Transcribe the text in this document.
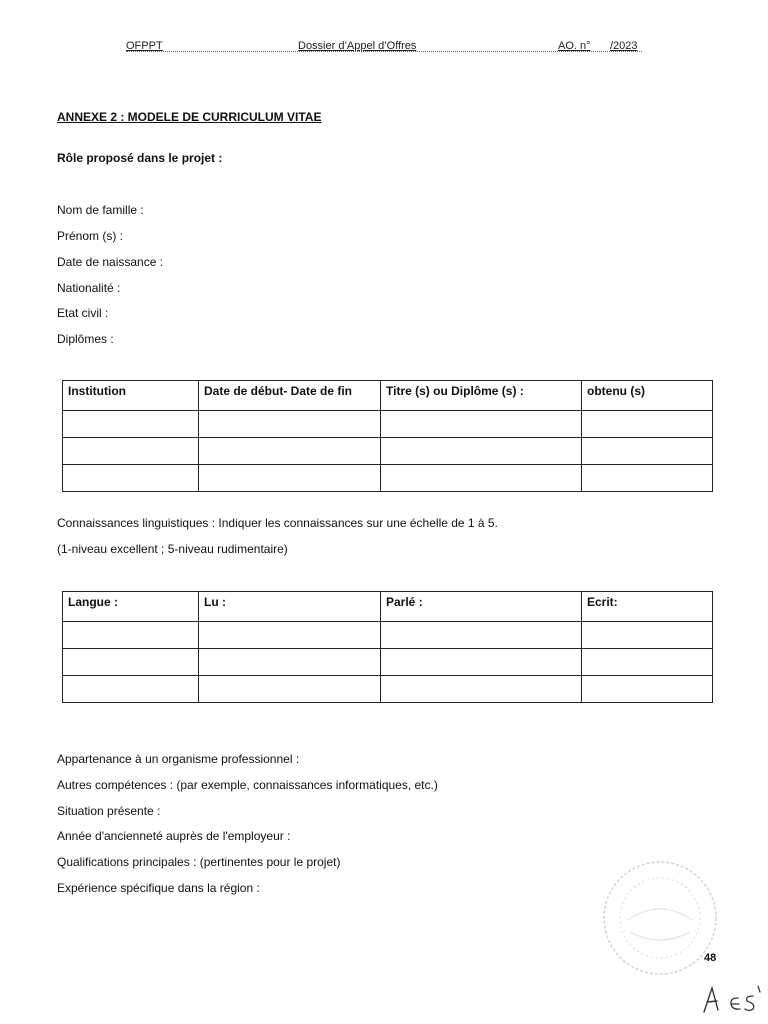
OFPPT	Dossier d’Appel d’Offres	AO. n° /2023
ANNEXE 2 : MODELE DE CURRICULUM VITAE
Rôle proposé dans le projet :
Nom de famille :
Prénom (s) :
Date de naissance :
Nationalité :
Etat civil :
Diplômes :
Institution	Date de début- Date de fin	Titre (s) ou Diplôme (s) :	obtenu (s)

Connaissances linguistiques : Indiquer les connaissances sur une échelle de 1 à 5.
(1-niveau excellent ; 5-niveau rudimentaire)
Langue :	Lu :	Parlé :	Ecrit:

Appartenance à un organisme professionnel :
Autres compétences : (par exemple, connaissances informatiques, etc.)
Situation présente :
Année d'ancienneté auprès de l'employeur :
Qualifications principales : (pertinentes pour le projet)
Expérience spécifique dans la région :
48
